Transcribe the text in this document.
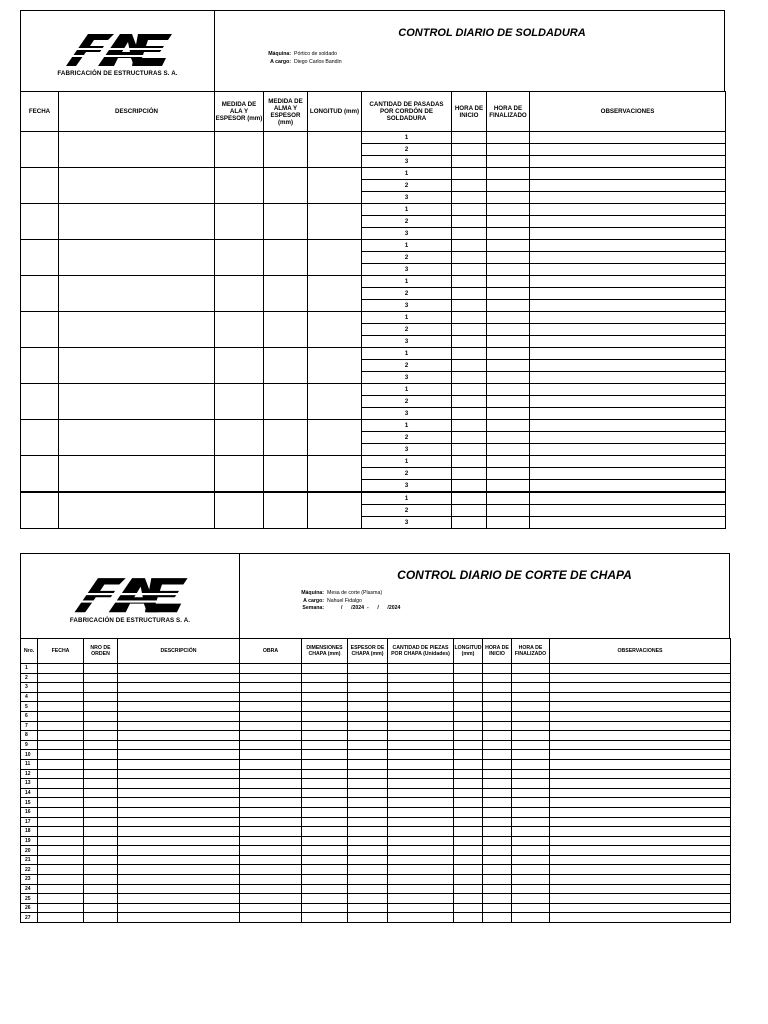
FABRICACIÓN DE ESTRUCTURAS S. A.

CONTROL DIARIO DE SOLDADURA
Máquina: Pórtico de soldado
A cargo: Diego Carlos Bandin
FECHA	DESCRIPCIÓN	MEDIDA DE ALA Y ESPESOR (mm)	MEDIDA DE ALMA Y ESPESOR (mm)	LONGITUD (mm)	CANTIDAD DE PASADAS POR CORDÓN DE SOLDADURA	HORA DE INICIO	HORA DE FINALIZADO	OBSERVACIONES
					1			
					2			
					3			
					1			
					2			
					3			
					1			
					2			
					3			
					1			
					2			
					3			
					1			
					2			
					3			
					1			
					2			
					3			
					1			
					2			
					3			
					1			
					2			
					3			
					1			
					2			
					3			
					1			
					2			
					3			
					1			
					2			
					3			
FABRICACIÓN DE ESTRUCTURAS S. A.

CONTROL DIARIO DE CORTE DE CHAPA
Máquina: Mesa de corte (Plasma)
A cargo: Nahuel Fidalgo
Semana:	/      /2024  -      /      /2024
Nro.	FECHA	NRO DE ORDEN	DESCRIPCIÓN	OBRA	DIMENSIONES CHAPA (mm)	ESPESOR DE CHAPA (mm)	CANTIDAD DE PIEZAS POR CHAPA (Unidades)	LONGITUD (mm)	HORA DE INICIO	HORA DE FINALIZADO	OBSERVACIONES
1											
2											
3											
4											
5											
6											
7											
8											
9											
10											
11											
12											
13											
14											
15											
16											
17											
18											
19											
20											
21											
22											
23											
24											
25											
26											
27											
